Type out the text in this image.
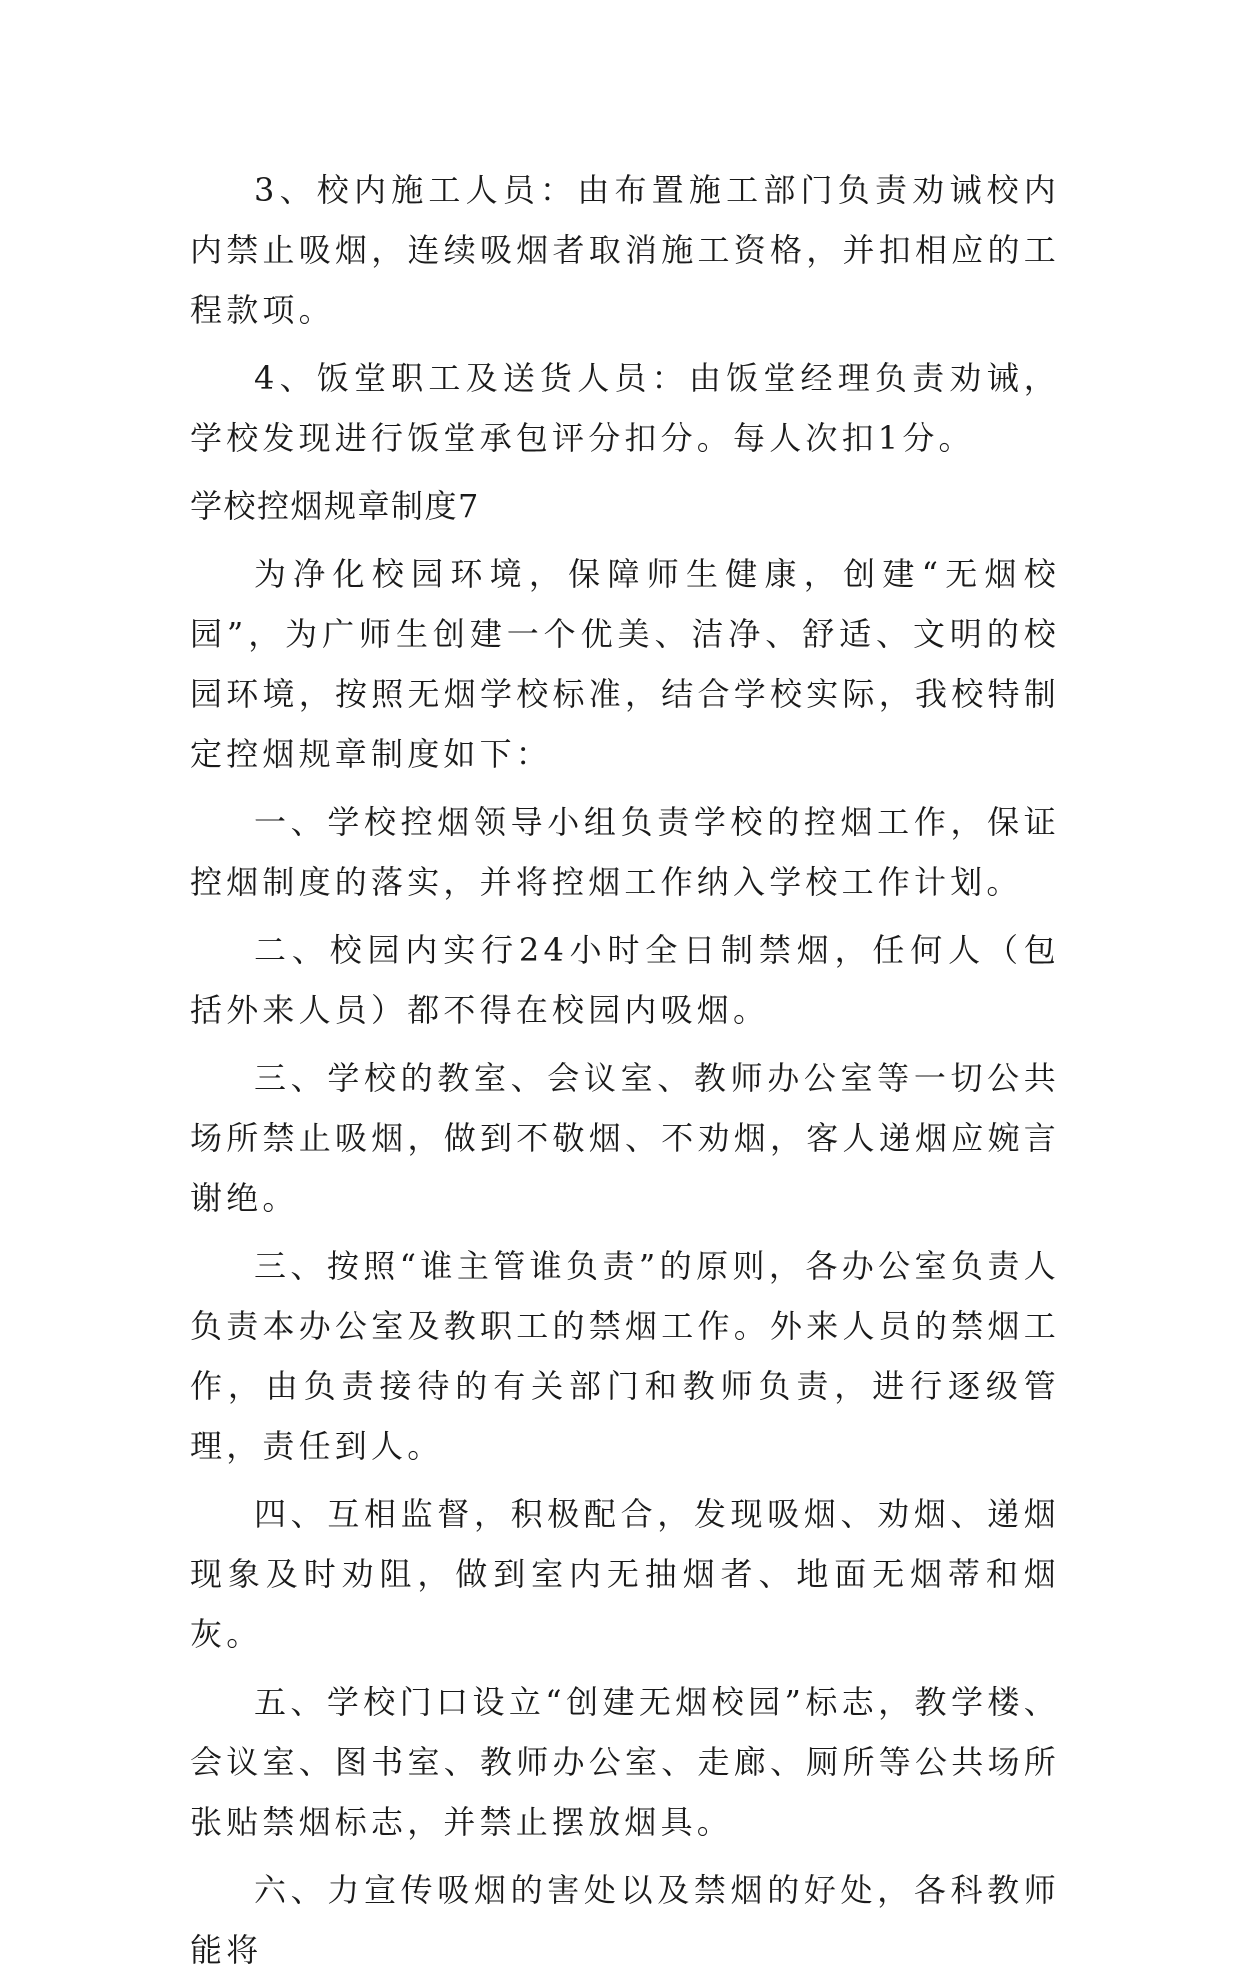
3、校内施工人员：由布置施工部门负责劝诫校内内禁止吸烟，连续吸烟者取消施工资格，并扣相应的工程款项。

4、饭堂职工及送货人员：由饭堂经理负责劝诫，学校发现进行饭堂承包评分扣分。每人次扣1分。

学校控烟规章制度7

为净化校园环境，保障师生健康，创建“无烟校园”，为广师生创建一个优美、洁净、舒适、文明的校园环境，按照无烟学校标准，结合学校实际，我校特制定控烟规章制度如下：

一、学校控烟领导小组负责学校的控烟工作，保证控烟制度的落实，并将控烟工作纳入学校工作计划。

二、校园内实行24小时全日制禁烟，任何人（包括外来人员）都不得在校园内吸烟。

三、学校的教室、会议室、教师办公室等一切公共场所禁止吸烟，做到不敬烟、不劝烟，客人递烟应婉言谢绝。

三、按照“谁主管谁负责”的原则，各办公室负责人负责本办公室及教职工的禁烟工作。外来人员的禁烟工作，由负责接待的有关部门和教师负责，进行逐级管理，责任到人。

四、互相监督，积极配合，发现吸烟、劝烟、递烟现象及时劝阻，做到室内无抽烟者、地面无烟蒂和烟灰。

五、学校门口设立“创建无烟校园”标志，教学楼、会议室、图书室、教师办公室、走廊、厕所等公共场所张贴禁烟标志，并禁止摆放烟具。

六、力宣传吸烟的害处以及禁烟的好处，各科教师能将
